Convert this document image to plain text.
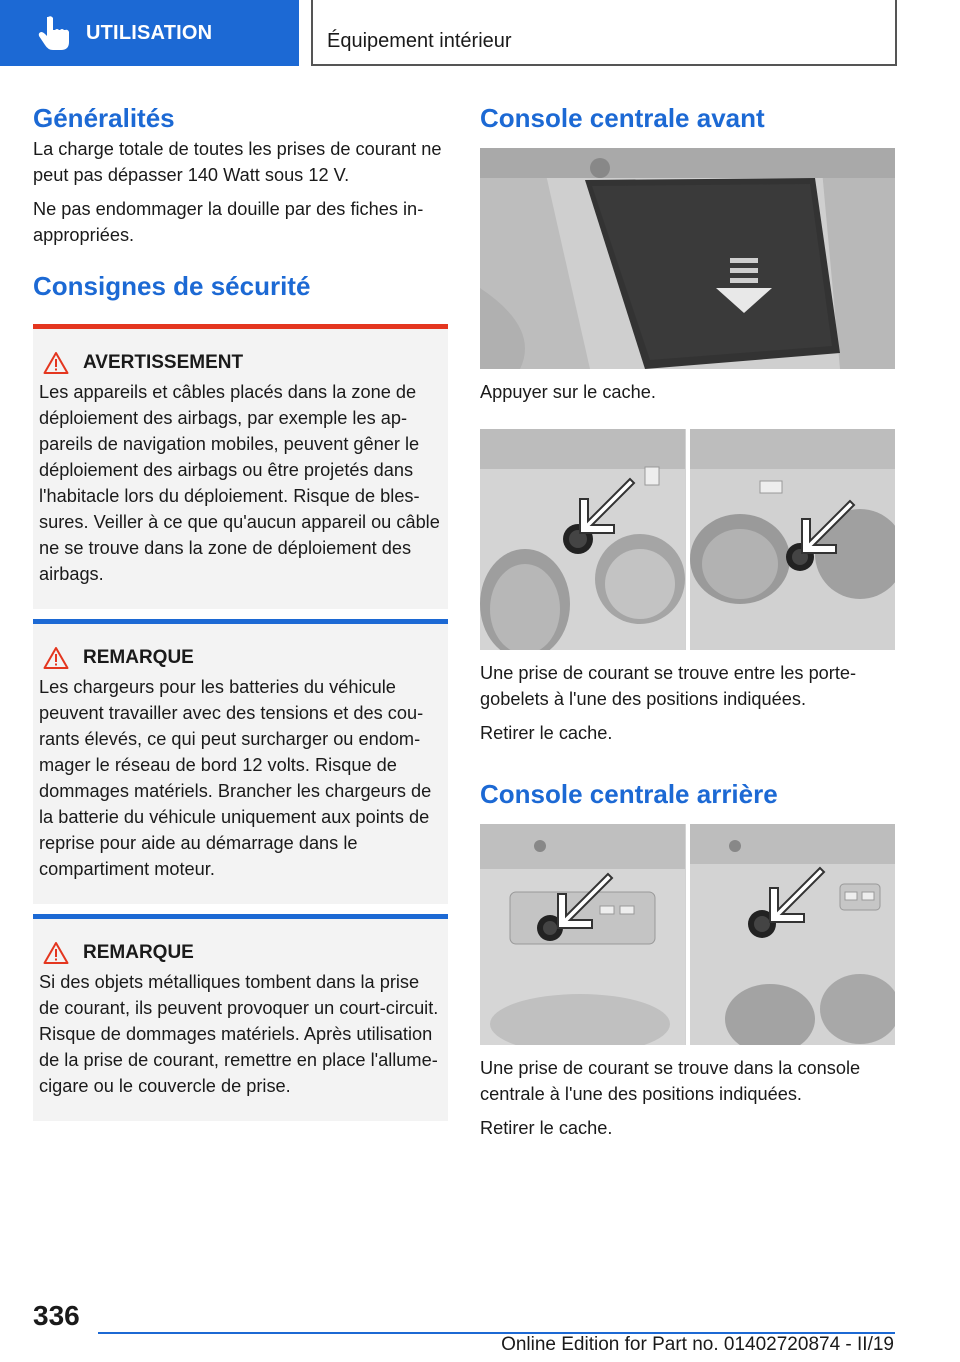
UTILISATION	Équipement intérieur
Généralités

La charge totale de toutes les prises de courant ne peut pas dépasser 140 Watt sous 12 V.

Ne pas endommager la douille par des fiches inappropriées.

Consignes de sécurité
AVERTISSEMENT

Les appareils et câbles placés dans la zone de déploiement des airbags, par exemple les appareils de navigation mobiles, peuvent gêner le déploiement des airbags ou être projetés dans l'habitacle lors du déploiement. Risque de blessures. Veiller à ce que qu'aucun appareil ou câble ne se trouve dans la zone de déploiement des airbags.

REMARQUE

Les chargeurs pour les batteries du véhicule peuvent travailler avec des tensions et des courants élevés, ce qui peut surcharger ou endommager le réseau de bord 12 volts. Risque de dommages matériels. Brancher les chargeurs de la batterie du véhicule uniquement aux points de reprise pour aide au démarrage dans le compartiment moteur.

REMARQUE

Si des objets métalliques tombent dans la prise de courant, ils peuvent provoquer un court-circuit. Risque de dommages matériels. Après utilisation de la prise de courant, remettre en place l'allume-cigare ou le couvercle de prise.

Console centrale avant

Appuyer sur le cache.

Une prise de courant se trouve entre les portegobelets à l'une des positions indiquées.

Retirer le cache.

Console centrale arrière

Une prise de courant se trouve dans la console centrale à l'une des positions indiquées.

Retirer le cache.

336
Online Edition for Part no. 01402720874 - II/19
